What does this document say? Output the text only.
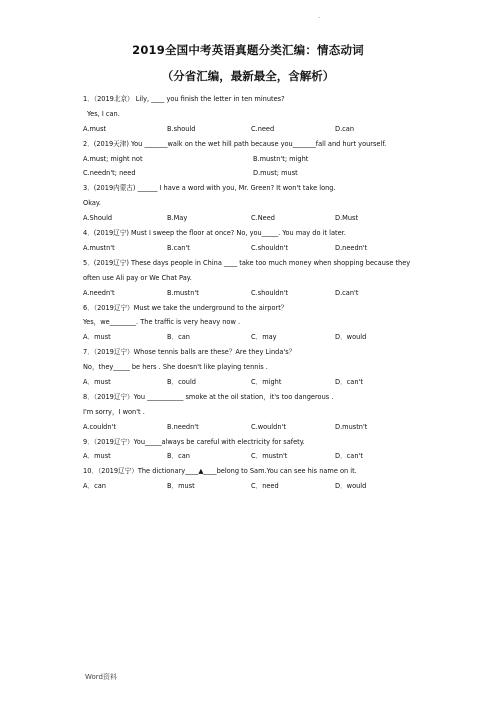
-
2019全国中考英语真题分类汇编：情态动词
（分省汇编，最新最全，含解析）
1．（2019北京） Lily, ____ you finish the letter in ten minutes?
Yes, I can.
A.must	B.should	C.need	D.can
2．(2019天津) You _______walk on the wet hill path because you_______fall and hurt yourself.
A.must; might not	B.mustn't; might
C.needn't; need	D.must; must
3．(2019内蒙古) ______ I have a word with you, Mr. Green? It won't take long.
Okay.
A.Should	B.May	C.Need	D.Must
4．(2019辽宁) Must I sweep the floor at once? No, you_____. You may do it later.
A.mustn't	B.can't	C.shouldn't	D.needn't
5．(2019辽宁) These days people in China ____ take too much money when shopping because they often use Ali pay or We Chat Pay.
A.needn't	B.mustn't	C.shouldn't	D.can't
6．（2019辽宁）Must we take the underground to the airport？
Yes，we________. The traffic is very heavy now .
A．must	B．can	C．may	D．would
7．（2019辽宁）Whose tennis balls are these？Are they Linda's？
No，they_____ be hers . She doesn't like playing tennis .
A．must	B．could	C．might	D．can't
8．（2019辽宁）You ___________ smoke at the oil station，it's too dangerous .
I'm sorry，I won't .
A.couldn't	B.needn't	C.wouldn't	D.mustn't
9．（2019辽宁）You_____always be careful with electricity for safety.
A．must	B．can	C．mustn't	D．can't
10．（2019辽宁）The dictionary____▲____belong to Sam.You can see his name on it.
A．can	B．must	C．need	D．would
Word资料
